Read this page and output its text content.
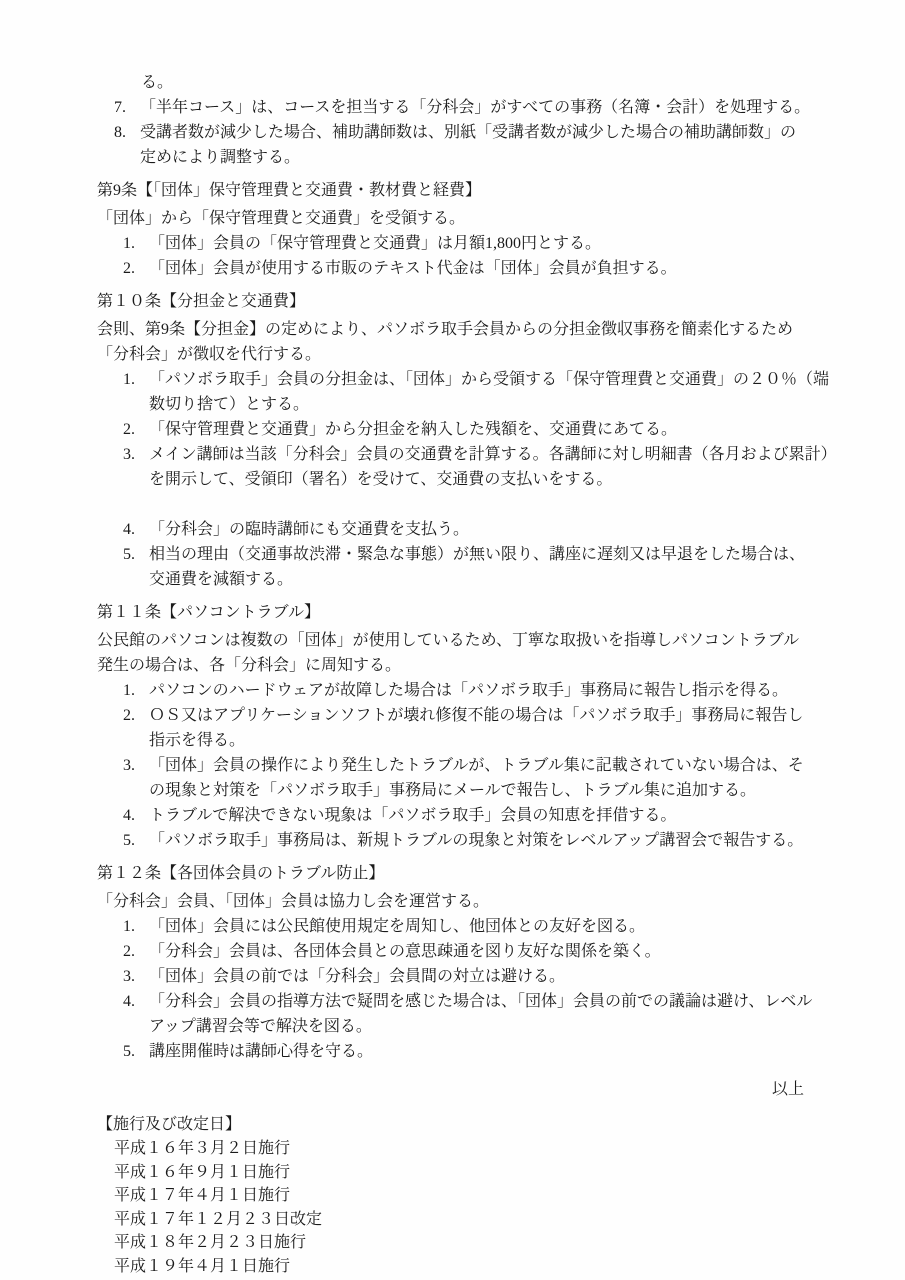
る。
7. 「半年コース」は、コースを担当する「分科会」がすべての事務（名簿・会計）を処理する。
8. 受講者数が減少した場合、補助講師数は、別紙「受講者数が減少した場合の補助講師数」の
定めにより調整する。
第9条【「団体」保守管理費と交通費・教材費と経費】
「団体」から「保守管理費と交通費」を受領する。
1. 「団体」会員の「保守管理費と交通費」は月額1,800円とする。
2. 「団体」会員が使用する市販のテキスト代金は「団体」会員が負担する。
第１０条【分担金と交通費】
会則、第9条【分担金】の定めにより、パソボラ取手会員からの分担金徴収事務を簡素化するため
「分科会」が徴収を代行する。
1. 「パソボラ取手」会員の分担金は、「団体」から受領する「保守管理費と交通費」の２０％（端
数切り捨て）とする。
2. 「保守管理費と交通費」から分担金を納入した残額を、交通費にあてる。
3. メイン講師は当該「分科会」会員の交通費を計算する。各講師に対し明細書（各月および累計）
を開示して、受領印（署名）を受けて、交通費の支払いをする。
4. 「分科会」の臨時講師にも交通費を支払う。
5. 相当の理由（交通事故渋滞・緊急な事態）が無い限り、講座に遅刻又は早退をした場合は、
交通費を減額する。
第１１条【パソコントラブル】
公民館のパソコンは複数の「団体」が使用しているため、丁寧な取扱いを指導しパソコントラブル
発生の場合は、各「分科会」に周知する。
1. パソコンのハードウェアが故障した場合は「パソボラ取手」事務局に報告し指示を得る。
2. ＯＳ又はアプリケーションソフトが壊れ修復不能の場合は「パソボラ取手」事務局に報告し
指示を得る。
3. 「団体」会員の操作により発生したトラブルが、トラブル集に記載されていない場合は、そ
の現象と対策を「パソボラ取手」事務局にメールで報告し、トラブル集に追加する。
4. トラブルで解決できない現象は「パソボラ取手」会員の知恵を拝借する。
5. 「パソボラ取手」事務局は、新規トラブルの現象と対策をレベルアップ講習会で報告する。
第１２条【各団体会員のトラブル防止】
「分科会」会員、「団体」会員は協力し会を運営する。
1. 「団体」会員には公民館使用規定を周知し、他団体との友好を図る。
2. 「分科会」会員は、各団体会員との意思疎通を図り友好な関係を築く。
3. 「団体」会員の前では「分科会」会員間の対立は避ける。
4. 「分科会」会員の指導方法で疑問を感じた場合は、「団体」会員の前での議論は避け、レベル
アップ講習会等で解決を図る。
5. 講座開催時は講師心得を守る。
以上
【施行及び改定日】
平成１６年３月２日施行
平成１６年９月１日施行
平成１７年４月１日施行
平成１７年１２月２３日改定
平成１８年２月２３日施行
平成１９年４月１日施行
